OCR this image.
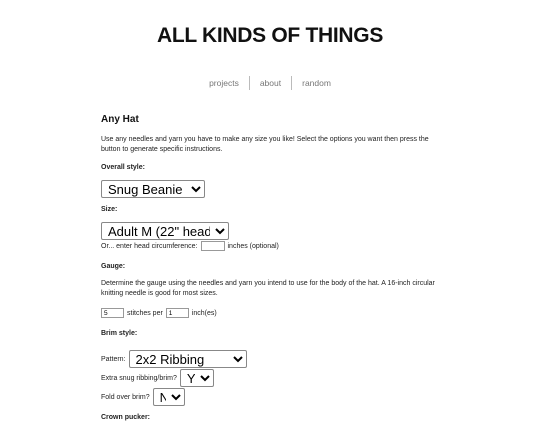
ALL KINDS OF THINGS
projects	about	random
Any Hat
Use any needles and yarn you have to make any size you like! Select the options you want then press the button to generate specific instructions.
Overall style:
Snug Beanie
Size:
Adult M (22" head)
Or... enter head circumference:	inches (optional)
Gauge:
Determine the gauge using the needles and yarn you intend to use for the body of the hat. A 16-inch circular knitting needle is good for most sizes.
5
stitches per
1	inch(es)
Brim style:
Pattern:
2x2 Ribbing
Extra snug ribbing/brim?
Yes
Fold over brim?
No
Crown pucker:
